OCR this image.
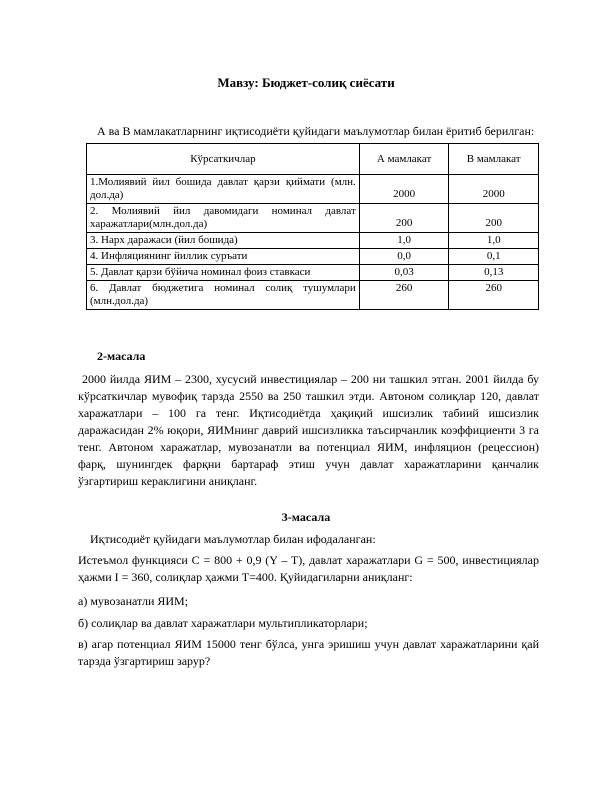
Мавзу: Бюджет-солиқ сиёсати
А ва В мамлакатларнинг иқтисодиёти қуйидаги маълумотлар билан ёритиб берилган:
Кўрсаткичлар	А мамлакат	В мамлакат
1.Молиявий йил бошида давлат қарзи қиймати (млн. дол.да)	2000	2000
2. Молиявий йил давомидаги номинал давлат харажатлари(млн.дол.да)	200	200
3. Нарх даражаси (йил бошида)	1,0	1,0
4. Инфляциянинг йиллик суръати	0,0	0,1
5. Давлат қарзи бўйича номинал фоиз ставкаси	0,03	0,13
6. Давлат бюджетига номинал солиқ тушумлари (млн.дол.да)	260	260
2-масала
2000 йилда ЯИМ – 2300, хусусий инвестициялар – 200 ни ташкил этган. 2001 йилда бу кўрсаткичлар мувофиқ тарзда 2550 ва 250 ташкил этди. Автоном солиқлар 120, давлат харажатлари – 100 га тенг. Иқтисодиётда ҳақиқий ишсизлик табиий ишсизлик даражасидан 2% юқори, ЯИМнинг даврий ишсизликка таъсирчанлик коэффициенти 3 га тенг. Автоном харажатлар, мувозанатли ва потенциал ЯИМ, инфляцион (рецессион) фарқ, шунингдек фарқни бартараф этиш учун давлат харажатларини қанчалик ўзгартириш кераклигини аниқланг.
3-масала
Иқтисодиёт қуйидаги маълумотлар билан ифодаланган:
Истеъмол функцияси C = 800 + 0,9 (Y – T), давлат харажатлари G = 500, инвестициялар ҳажми I = 360, солиқлар ҳажми T=400. Қуйидагиларни аниқланг:
а) мувозанатли ЯИМ;
б) солиқлар ва давлат харажатлари мультипликаторлари;
в) агар потенциал ЯИМ 15000 тенг бўлса, унга эришиш учун давлат харажатларини қай тарзда ўзгартириш зарур?
